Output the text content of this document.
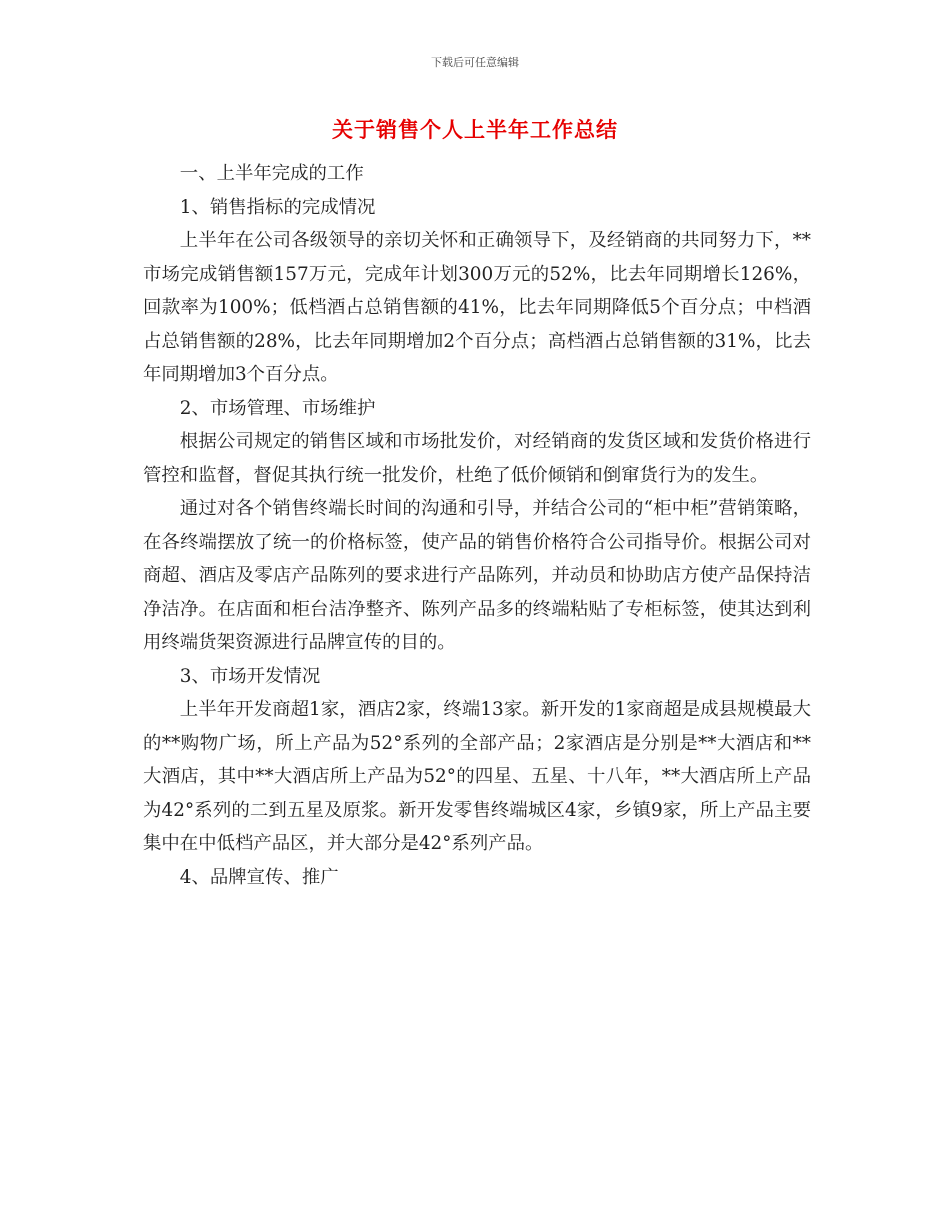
下载后可任意编辑
关于销售个人上半年工作总结

一、上半年完成的工作

1、销售指标的完成情况

上半年在公司各级领导的亲切关怀和正确领导下，及经销商的共同努力下，**市场完成销售额157万元，完成年计划300万元的52%，比去年同期增长126%，回款率为100%；低档酒占总销售额的41%，比去年同期降低5个百分点；中档酒占总销售额的28%，比去年同期增加2个百分点；高档酒占总销售额的31%，比去年同期增加3个百分点。

2、市场管理、市场维护

根据公司规定的销售区域和市场批发价，对经销商的发货区域和发货价格进行管控和监督，督促其执行统一批发价，杜绝了低价倾销和倒窜货行为的发生。

通过对各个销售终端长时间的沟通和引导，并结合公司的“柜中柜”营销策略，在各终端摆放了统一的价格标签，使产品的销售价格符合公司指导价。根据公司对商超、酒店及零店产品陈列的要求进行产品陈列，并动员和协助店方使产品保持洁净洁净。在店面和柜台洁净整齐、陈列产品多的终端粘贴了专柜标签，使其达到利用终端货架资源进行品牌宣传的目的。

3、市场开发情况

上半年开发商超1家，酒店2家，终端13家。新开发的1家商超是成县规模最大的**购物广场，所上产品为52°系列的全部产品；2家酒店是分别是**大酒店和**大酒店，其中**大酒店所上产品为52°的四星、五星、十八年，**大酒店所上产品为42°系列的二到五星及原浆。新开发零售终端城区4家，乡镇9家，所上产品主要集中在中低档产品区，并大部分是42°系列产品。

4、品牌宣传、推广
